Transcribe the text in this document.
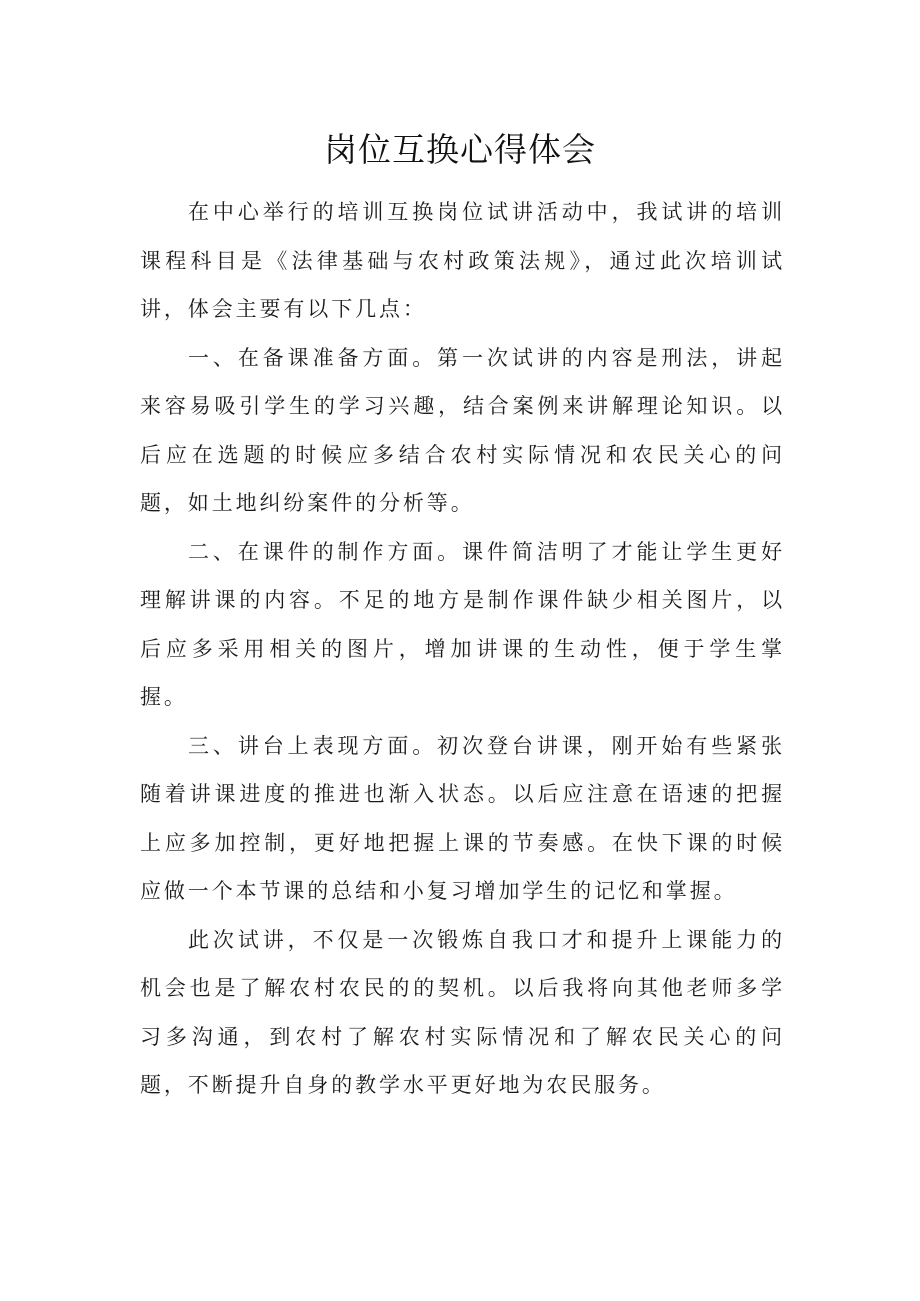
岗位互换心得体会

在中心举行的培训互换岗位试讲活动中，我试讲的培训课程科目是《法律基础与农村政策法规》，通过此次培训试讲，体会主要有以下几点：

一、在备课准备方面。第一次试讲的内容是刑法，讲起来容易吸引学生的学习兴趣，结合案例来讲解理论知识。以后应在选题的时候应多结合农村实际情况和农民关心的问题，如土地纠纷案件的分析等。

二、在课件的制作方面。课件简洁明了才能让学生更好理解讲课的内容。不足的地方是制作课件缺少相关图片，以后应多采用相关的图片，增加讲课的生动性，便于学生掌握。

三、讲台上表现方面。初次登台讲课，刚开始有些紧张随着讲课进度的推进也渐入状态。以后应注意在语速的把握上应多加控制，更好地把握上课的节奏感。在快下课的时候应做一个本节课的总结和小复习增加学生的记忆和掌握。

此次试讲，不仅是一次锻炼自我口才和提升上课能力的机会也是了解农村农民的的契机。以后我将向其他老师多学习多沟通，到农村了解农村实际情况和了解农民关心的问题，不断提升自身的教学水平更好地为农民服务。
